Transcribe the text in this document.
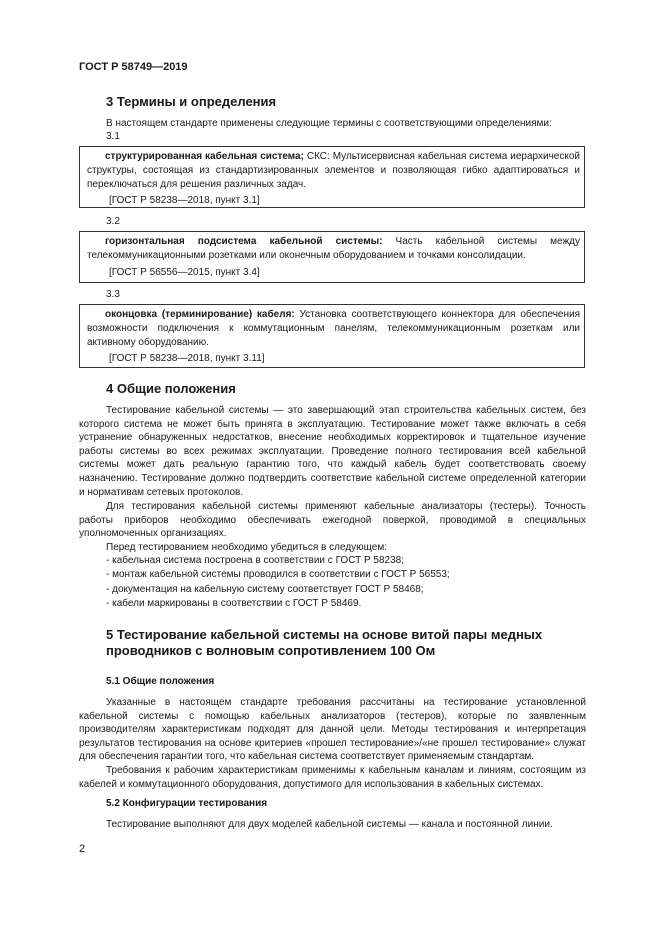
ГОСТ Р 58749—2019
3 Термины и определения

В настоящем стандарте применены следующие термины с соответствующими определениями:

3.1

структурированная кабельная система; СКС: Мультисервисная кабельная система иерархической структуры, состоящая из стандартизированных элементов и позволяющая гибко адаптироваться и переключаться для решения различных задач.

[ГОСТ Р 58238—2018, пункт 3.1]

3.2

горизонтальная подсистема кабельной системы: Часть кабельной системы между телекоммуникационными розетками или оконечным оборудованием и точками консолидации.

[ГОСТ Р 56556—2015, пункт 3.4]

3.3

оконцовка (терминирование) кабеля: Установка соответствующего коннектора для обеспечения возможности подключения к коммутационным панелям, телекоммуникационным розеткам или активному оборудованию.

[ГОСТ Р 58238—2018, пункт 3.11]

4 Общие положения

Тестирование кабельной системы — это завершающий этап строительства кабельных систем, без которого система не может быть принята в эксплуатацию. Тестирование может также включать в себя устранение обнаруженных недостатков, внесение необходимых корректировок и тщательное изучение работы системы во всех режимах эксплуатации. Проведение полного тестирования всей кабельной системы может дать реальную гарантию того, что каждый кабель будет соответствовать своему назначению. Тестирование должно подтвердить соответствие кабельной системе определенной категории и нормативам сетевых протоколов.

Для тестирования кабельной системы применяют кабельные анализаторы (тестеры). Точность работы приборов необходимо обеспечивать ежегодной поверкой, проводимой в специальных уполномоченных организациях.

Перед тестированием необходимо убедиться в следующем:

- кабельная система построена в соответствии с ГОСТ Р 58238;
- монтаж кабельной системы проводился в соответствии с ГОСТ Р 56553;
- документация на кабельную систему соответствует ГОСТ Р 58468;
- кабели маркированы в соответствии с ГОСТ Р 58469.
5 Тестирование кабельной системы на основе витой пары медных
проводников с волновым сопротивлением 100 Ом
5.1 Общие положения

Указанные в настоящем стандарте требования рассчитаны на тестирование установленной кабельной системы с помощью кабельных анализаторов (тестеров), которые по заявленным производителям характеристикам подходят для данной цели. Методы тестирования и интерпретация результатов тестирования на основе критериев «прошел тестирование»/«не прошел тестирование» служат для обеспечения гарантии того, что кабельная система соответствует применяемым стандартам.

Требования к рабочим характеристикам применимы к кабельным каналам и линиям, состоящим из кабелей и коммутационного оборудования, допустимого для использования в кабельных системах.

5.2 Конфигурации тестирования

Тестирование выполняют для двух моделей кабельной системы — канала и постоянной линии.

2
